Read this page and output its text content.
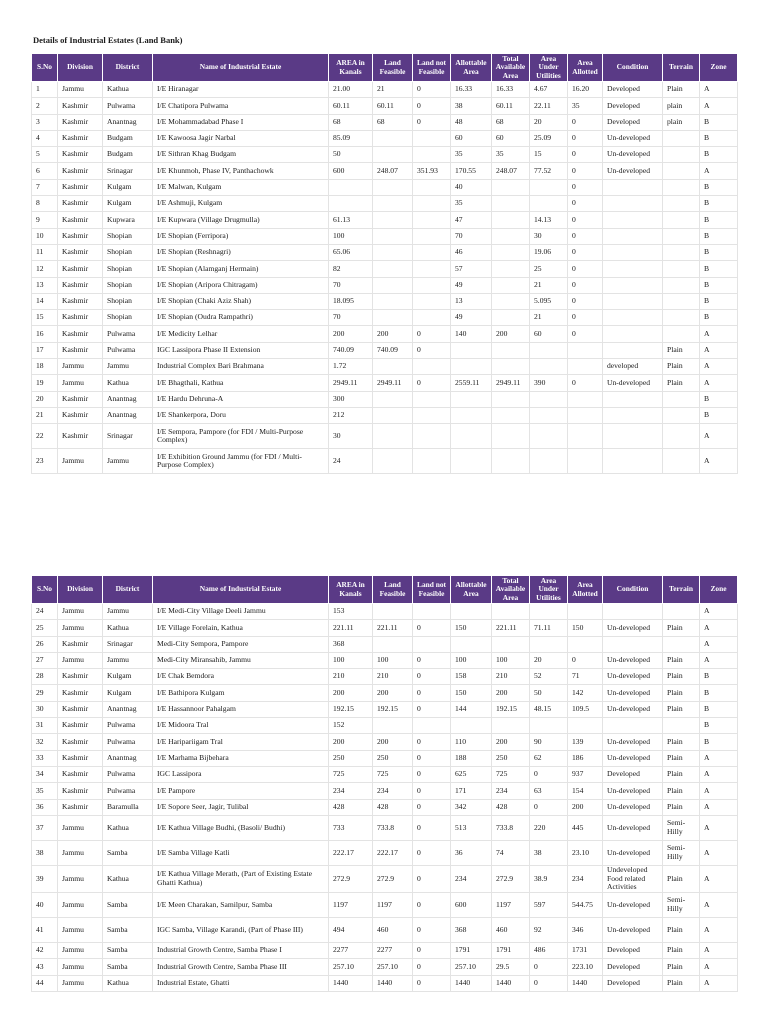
Details of Industrial Estates (Land Bank)
S.No	Division	District	Name of Industrial Estate	AREA in Kanals	Land Feasible	Land not Feasible	Allottable Area	Total Available Area	Area Under Utilities	Area Allotted	Condition	Terrain	Zone
1	Jammu	Kathua	I/E Hiranagar	21.00	21	0	16.33	16.33	4.67	16.20	Developed	Plain	A
2	Kashmir	Pulwama	I/E Chatipora Pulwama	60.11	60.11	0	38	60.11	22.11	35	Developed	plain	A
3	Kashmir	Anantnag	I/E Mohammadabad Phase I	68	68	0	48	68	20	0	Developed	plain	B
4	Kashmir	Budgam	I/E Kawoosa Jagir Narbal	85.09			60	60	25.09	0	Un-developed		B
5	Kashmir	Budgam	I/E Sithran Khag Budgam	50			35	35	15	0	Un-developed		B
6	Kashmir	Srinagar	I/E Khunmoh, Phase IV, Panthachowk	600	248.07	351.93	170.55	248.07	77.52	0	Un-developed		A
7	Kashmir	Kulgam	I/E Malwan, Kulgam				40			0			B
8	Kashmir	Kulgam	I/E Ashmuji, Kulgam				35			0			B
9	Kashmir	Kupwara	I/E Kupwara (Village Drugmulla)	61.13			47		14.13	0			B
10	Kashmir	Shopian	I/E Shopian (Ferripora)	100			70		30	0			B
11	Kashmir	Shopian	I/E Shopian (Reshnagri)	65.06			46		19.06	0			B
12	Kashmir	Shopian	I/E Shopian (Alamganj Hermain)	82			57		25	0			B
13	Kashmir	Shopian	I/E Shopian (Aripora Chitragam)	70			49		21	0			B
14	Kashmir	Shopian	I/E Shopian (Chaki Aziz Shah)	18.095			13		5.095	0			B
15	Kashmir	Shopian	I/E Shopian (Oudra Rampathri)	70			49		21	0			B
16	Kashmir	Pulwama	I/E Medicity Lelhar	200	200	0	140	200	60	0			A
17	Kashmir	Pulwama	IGC Lassipora Phase II Extension	740.09	740.09	0						Plain	A
18	Jammu	Jammu	Industrial Complex Bari Brahmana	1.72							developed	Plain	A
19	Jammu	Kathua	I/E Bhagthali, Kathua	2949.11	2949.11	0	2559.11	2949.11	390	0	Un-developed	Plain	A
20	Kashmir	Anantnag	I/E Hardu Dehruna-A	300									B
21	Kashmir	Anantnag	I/E Shankerpora, Doru	212									B
22	Kashmir	Srinagar	I/E Sempora, Pampore (for FDI / Multi-Purpose Complex)	30									A
23	Jammu	Jammu	I/E Exhibition Ground Jammu (for FDI / Multi-Purpose Complex)	24									A
S.No	Division	District	Name of Industrial Estate	AREA in Kanals	Land Feasible	Land not Feasible	Allottable Area	Total Available Area	Area Under Utilities	Area Allotted	Condition	Terrain	Zone
24	Jammu	Jammu	I/E Medi-City Village Deeli Jammu	153									A
25	Jammu	Kathua	I/E Village Forelain, Kathua	221.11	221.11	0	150	221.11	71.11	150	Un-developed	Plain	A
26	Kashmir	Srinagar	Medi-City Sempora, Pampore	368									A
27	Jammu	Jammu	Medi-City Miransahib, Jammu	100	100	0	100	100	20	0	Un-developed	Plain	A
28	Kashmir	Kulgam	I/E Chak Bemdora	210	210	0	158	210	52	71	Un-developed	Plain	B
29	Kashmir	Kulgam	I/E Bathipora Kulgam	200	200	0	150	200	50	142	Un-developed	Plain	B
30	Kashmir	Anantnag	I/E Hassannoor Pahalgam	192.15	192.15	0	144	192.15	48.15	109.5	Un-developed	Plain	B
31	Kashmir	Pulwama	I/E Midoora Tral	152									B
32	Kashmir	Pulwama	I/E Haripariigam Tral	200	200	0	110	200	90	139	Un-developed	Plain	B
33	Kashmir	Anantnag	I/E Marhama Bijbehara	250	250	0	188	250	62	186	Un-developed	Plain	A
34	Kashmir	Pulwama	IGC Lassipora	725	725	0	625	725	0	937	Developed	Plain	A
35	Kashmir	Pulwama	I/E Pampore	234	234	0	171	234	63	154	Un-developed	Plain	A
36	Kashmir	Baramulla	I/E Sopore Seer, Jagir, Tulibal	428	428	0	342	428	0	200	Un-developed	Plain	A
37	Jammu	Kathua	I/E Kathua Village Budhi, (Basoli/ Budhi)	733	733.8	0	513	733.8	220	445	Un-developed	Semi-Hilly	A
38	Jammu	Samba	I/E Samba Village Katli	222.17	222.17	0	36	74	38	23.10	Un-developed	Semi-Hilly	A
39	Jammu	Kathua	I/E Kathua Village Merath, (Part of Existing Estate Ghatti Kathua)	272.9	272.9	0	234	272.9	38.9	234	Undeveloped Food related Activities	Plain	A
40	Jammu	Samba	I/E Meen Charakan, Samilpur, Samba	1197	1197	0	600	1197	597	544.75	Un-developed	Semi-Hilly	A
41	Jammu	Samba	IGC Samba, Village Karandi, (Part of Phase III)	494	460	0	368	460	92	346	Un-developed	Plain	A
42	Jammu	Samba	Industrial Growth Centre, Samba Phase I	2277	2277	0	1791	1791	486	1731	Developed	Plain	A
43	Jammu	Samba	Industrial Growth Centre, Samba Phase III	257.10	257.10	0	257.10	29.5	0	223.10	Developed	Plain	A
44	Jammu	Kathua	Industrial Estate, Ghatti	1440	1440	0	1440	1440	0	1440	Developed	Plain	A
